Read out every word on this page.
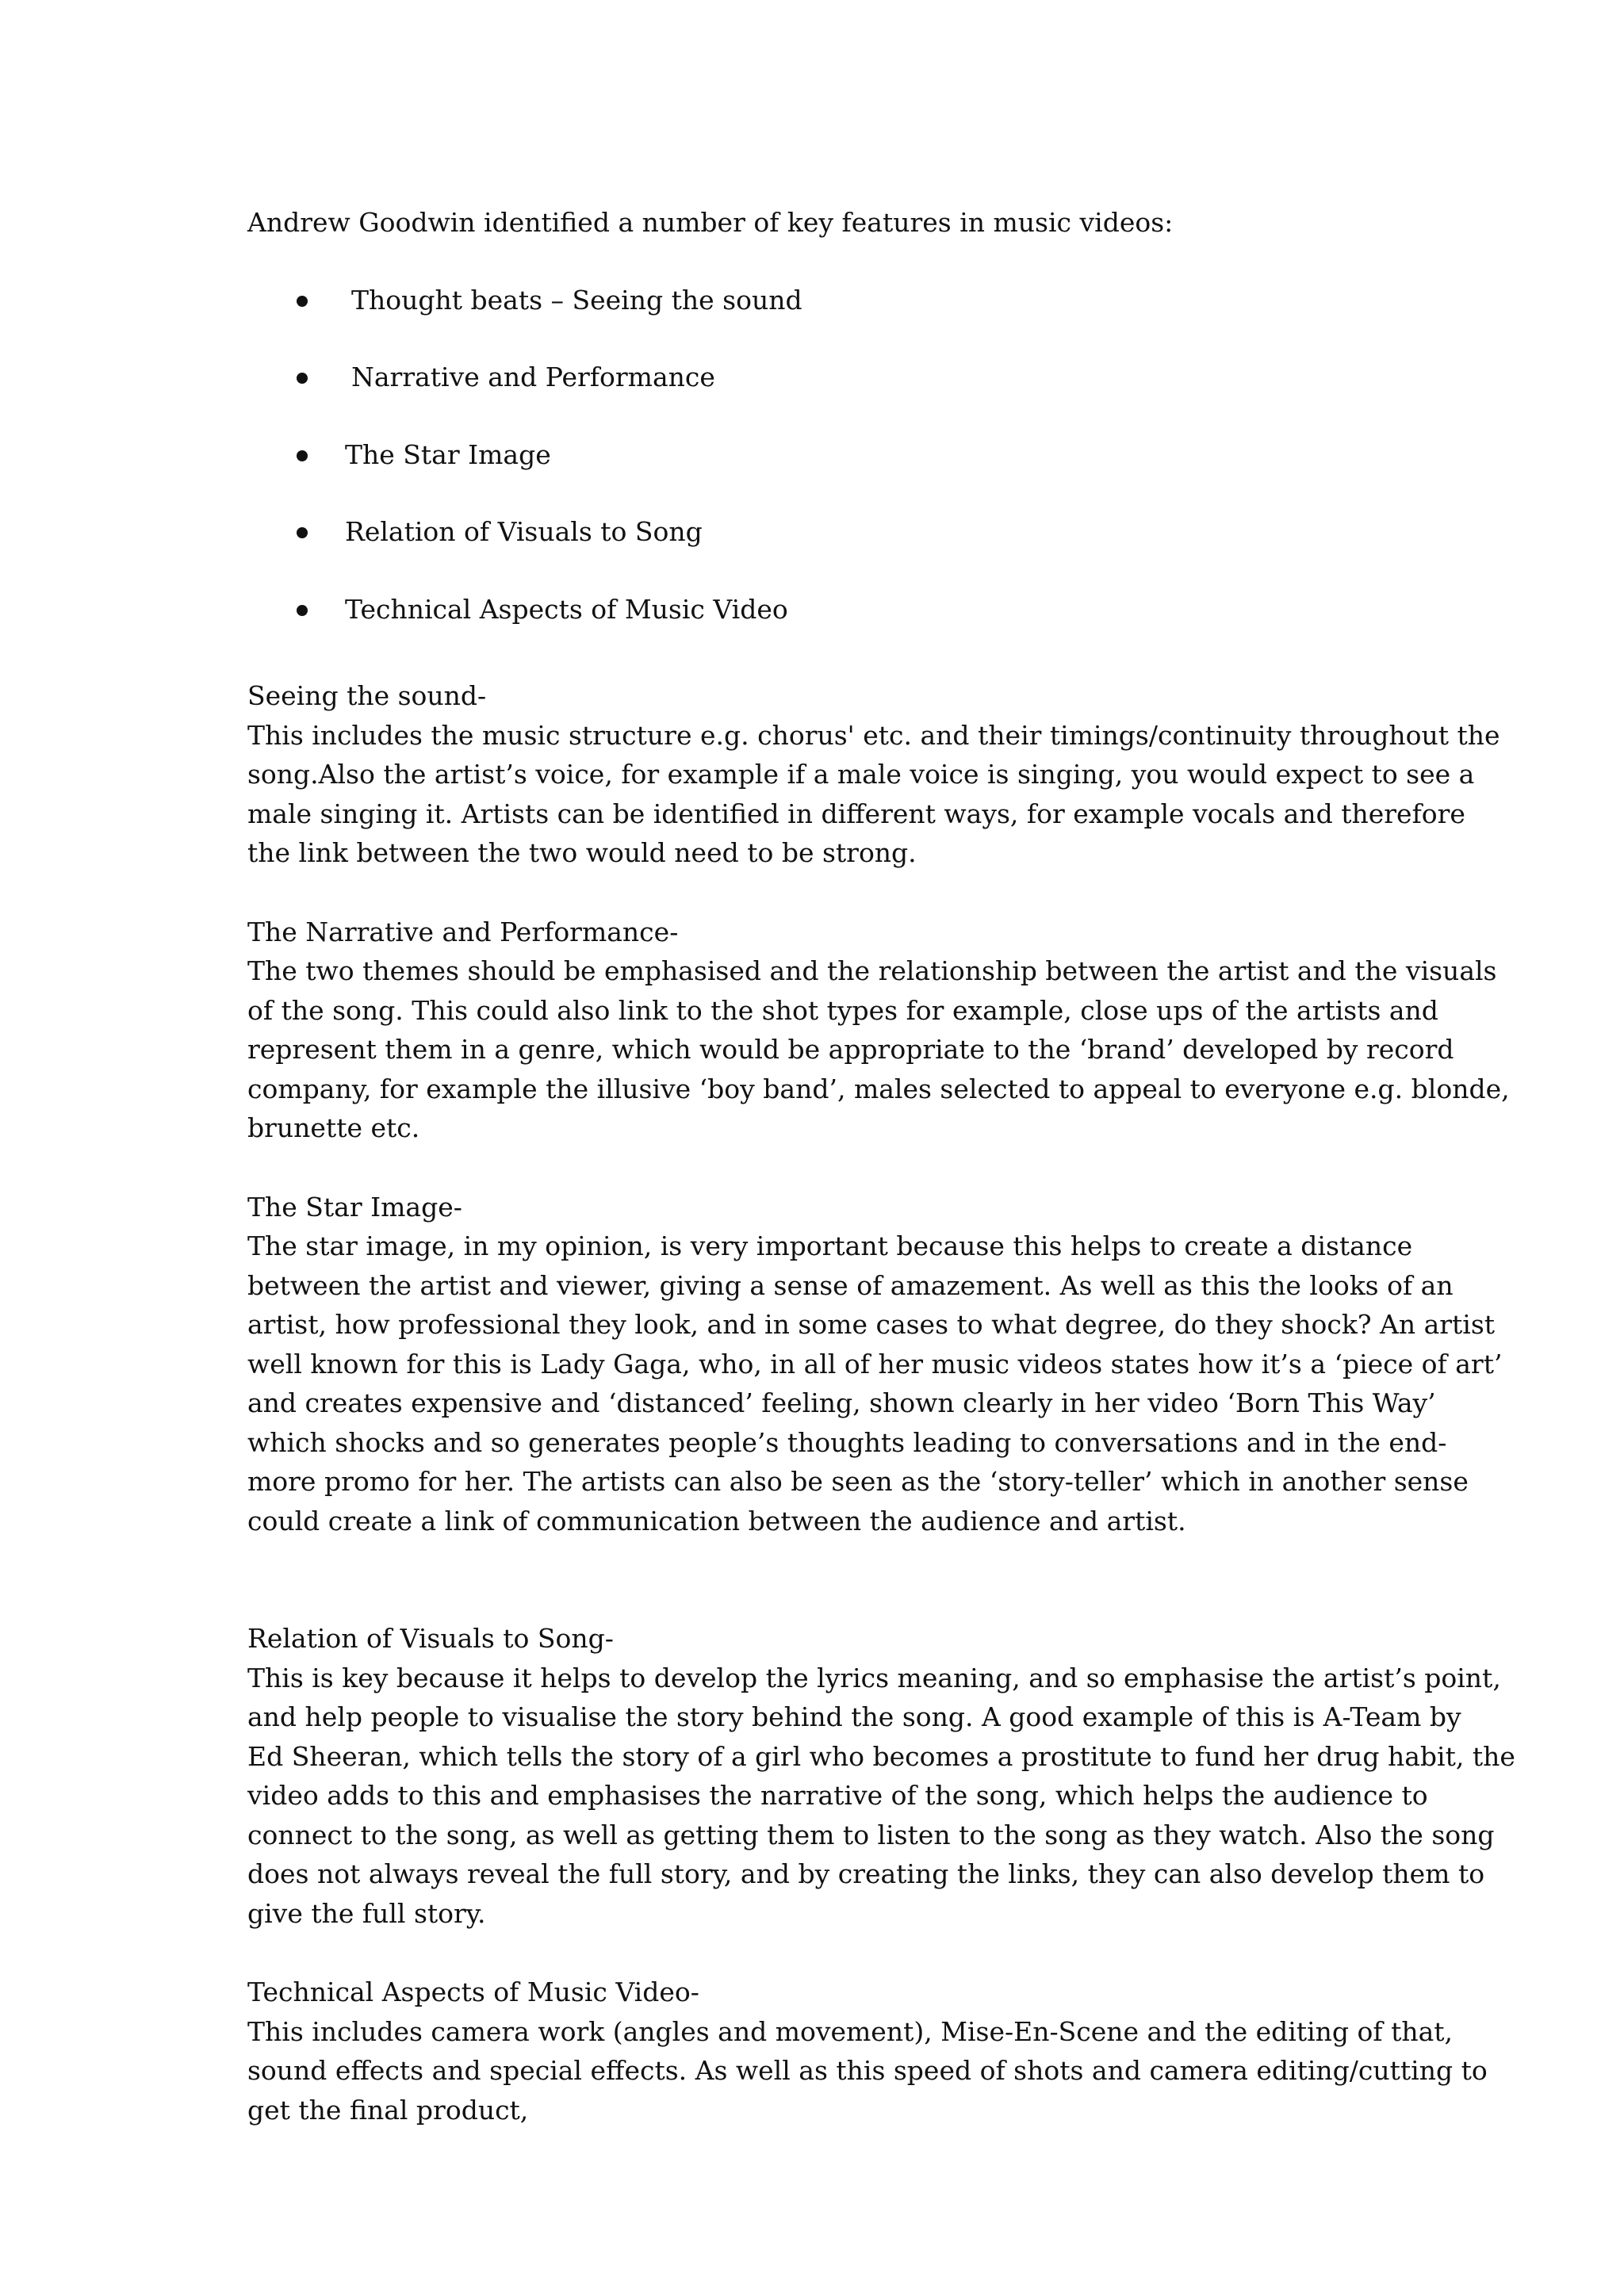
Andrew Goodwin identified a number of key features in music videos:

Thought beats – Seeing the sound
Narrative and Performance
The Star Image
Relation of Visuals to Song
Technical Aspects of Music Video
Seeing the sound-

This includes the music structure e.g. chorus' etc. and their timings/continuity throughout the
song.Also the artist’s voice, for example if a male voice is singing, you would expect to see a
male singing it. Artists can be identified in different ways, for example vocals and therefore
the link between the two would need to be strong.

The Narrative and Performance-

The two themes should be emphasised and the relationship between the artist and the visuals
of the song. This could also link to the shot types for example, close ups of the artists and
represent them in a genre, which would be appropriate to the ‘brand’ developed by record
company, for example the illusive ‘boy band’, males selected to appeal to everyone e.g. blonde,
brunette etc.

The Star Image-

The star image, in my opinion, is very important because this helps to create a distance
between the artist and viewer, giving a sense of amazement. As well as this the looks of an
artist, how professional they look, and in some cases to what degree, do they shock? An artist
well known for this is Lady Gaga, who, in all of her music videos states how it’s a ‘piece of art’
and creates expensive and ‘distanced’ feeling, shown clearly in her video ‘Born This Way’
which shocks and so generates people’s thoughts leading to conversations and in the end-
more promo for her. The artists can also be seen as the ‘story-teller’ which in another sense
could create a link of communication between the audience and artist.

Relation of Visuals to Song-

This is key because it helps to develop the lyrics meaning, and so emphasise the artist’s point,
and help people to visualise the story behind the song. A good example of this is A-Team by
Ed Sheeran, which tells the story of a girl who becomes a prostitute to fund her drug habit, the
video adds to this and emphasises the narrative of the song, which helps the audience to
connect to the song, as well as getting them to listen to the song as they watch. Also the song
does not always reveal the full story, and by creating the links, they can also develop them to
give the full story.

Technical Aspects of Music Video-

This includes camera work (angles and movement), Mise-En-Scene and the editing of that,
sound effects and special effects. As well as this speed of shots and camera editing/cutting to
get the final product,
